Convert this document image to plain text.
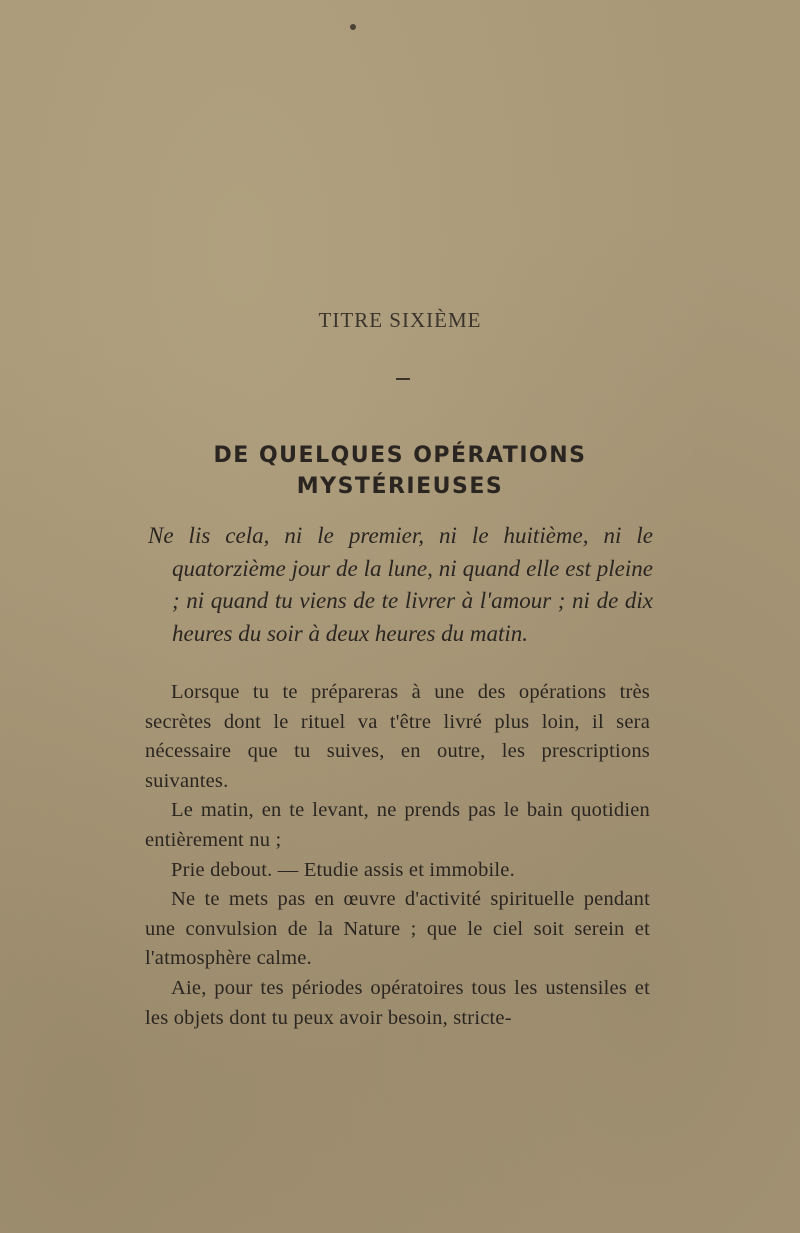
TITRE SIXIÈME
DE QUELQUES OPÉRATIONS
MYSTÉRIEUSES

Ne lis cela, ni le premier, ni le huitième, ni le quatorzième jour de la lune, ni quand elle est pleine ; ni quand tu viens de te livrer à l'amour ; ni de dix heures du soir à deux heures du matin.

Lorsque tu te prépareras à une des opérations très secrètes dont le rituel va t'être livré plus loin, il sera nécessaire que tu suives, en outre, les prescriptions suivantes.

Le matin, en te levant, ne prends pas le bain quotidien entièrement nu ;

Prie debout. — Etudie assis et immobile.

Ne te mets pas en œuvre d'activité spirituelle pendant une convulsion de la Nature ; que le ciel soit serein et l'atmosphère calme.

Aie, pour tes périodes opératoires tous les ustensiles et les objets dont tu peux avoir besoin, stricte-
